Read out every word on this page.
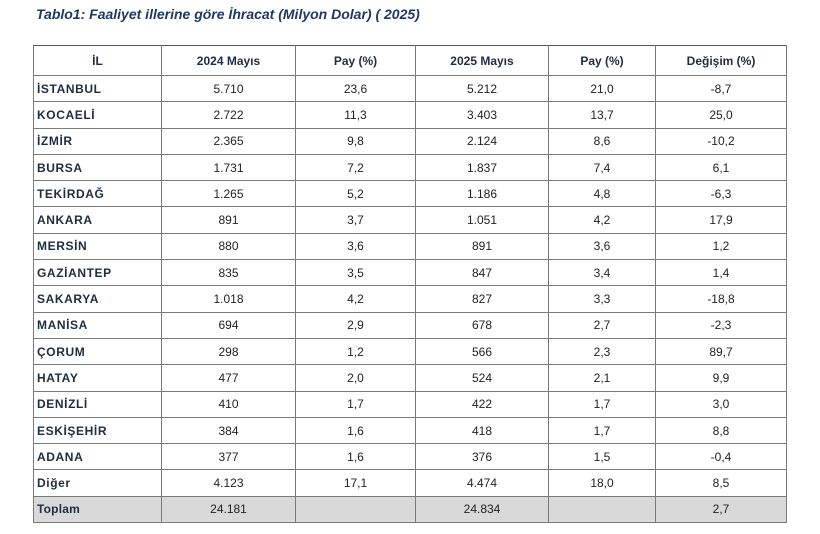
Tablo1: Faaliyet illerine göre İhracat (Milyon Dolar) ( 2025)
İL	2024 Mayıs	Pay (%)	2025 Mayıs	Pay (%)	Değişim (%)
İSTANBUL	5.710	23,6	5.212	21,0	-8,7
KOCAELİ	2.722	11,3	3.403	13,7	25,0
İZMİR	2.365	9,8	2.124	8,6	-10,2
BURSA	1.731	7,2	1.837	7,4	6,1
TEKİRDAĞ	1.265	5,2	1.186	4,8	-6,3
ANKARA	891	3,7	1.051	4,2	17,9
MERSİN	880	3,6	891	3,6	1,2
GAZİANTEP	835	3,5	847	3,4	1,4
SAKARYA	1.018	4,2	827	3,3	-18,8
MANİSA	694	2,9	678	2,7	-2,3
ÇORUM	298	1,2	566	2,3	89,7
HATAY	477	2,0	524	2,1	9,9
DENİZLİ	410	1,7	422	1,7	3,0
ESKİŞEHİR	384	1,6	418	1,7	8,8
ADANA	377	1,6	376	1,5	-0,4
Diğer	4.123	17,1	4.474	18,0	8,5
Toplam	24.181		24.834		2,7
